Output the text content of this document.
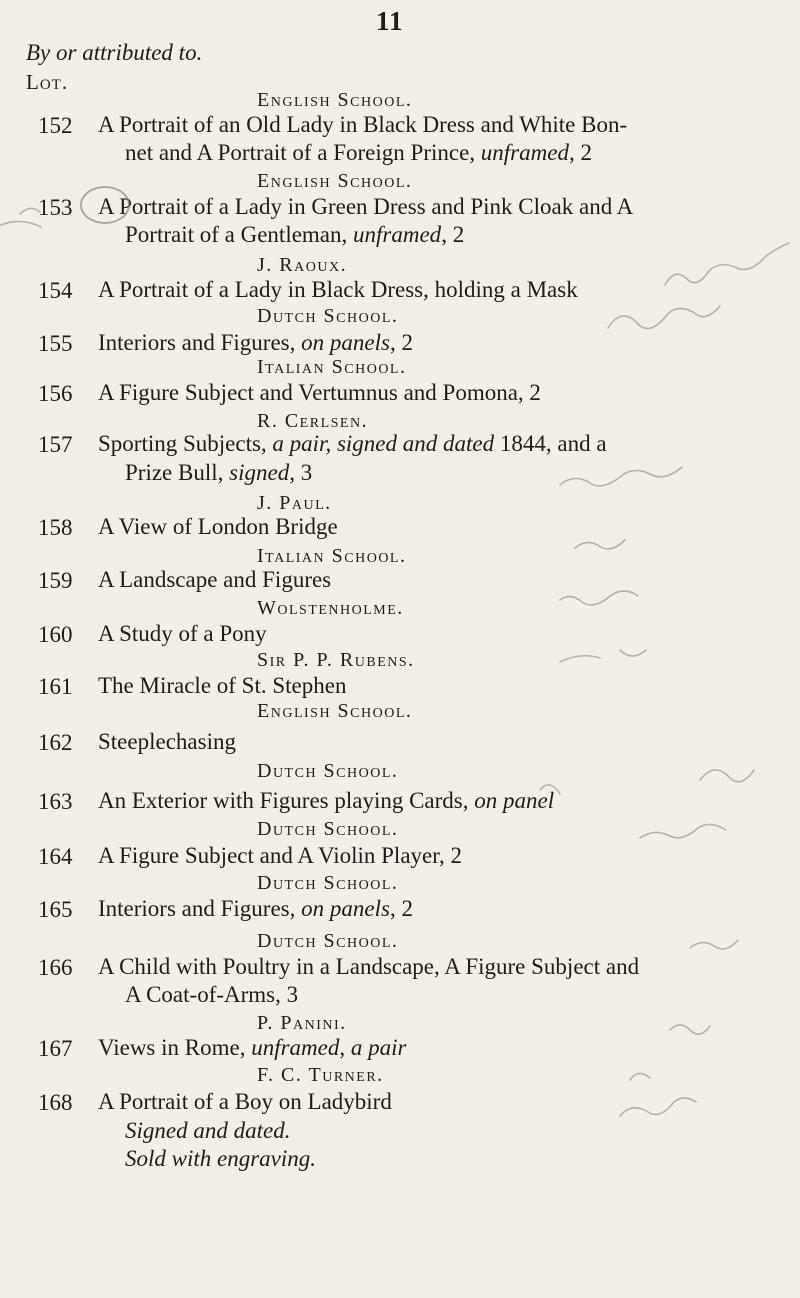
11
By or attributed to.
Lot.
English School.
152 A Portrait of an Old Lady in Black Dress and White Bon-
net and A Portrait of a Foreign Prince, unframed, 2
English School.
153 A Portrait of a Lady in Green Dress and Pink Cloak and A
Portrait of a Gentleman, unframed, 2
J. Raoux.
154 A Portrait of a Lady in Black Dress, holding a Mask
Dutch School.
155 Interiors and Figures, on panels, 2
Italian School.
156 A Figure Subject and Vertumnus and Pomona, 2
R. Cerlsen.
157 Sporting Subjects, a pair, signed and dated 1844, and a
Prize Bull, signed, 3
J. Paul.
158 A View of London Bridge
Italian School.
159 A Landscape and Figures
Wolstenholme.
160 A Study of a Pony
Sir P. P. Rubens.
161 The Miracle of St. Stephen
English School.
162 Steeplechasing
Dutch School.
163 An Exterior with Figures playing Cards, on panel
Dutch School.
164 A Figure Subject and A Violin Player, 2
Dutch School.
165 Interiors and Figures, on panels, 2
Dutch School.
166 A Child with Poultry in a Landscape, A Figure Subject and
A Coat-of-Arms, 3
P. Panini.
167 Views in Rome, unframed, a pair
F. C. Turner.
168 A Portrait of a Boy on Ladybird
Signed and dated.
Sold with engraving.
